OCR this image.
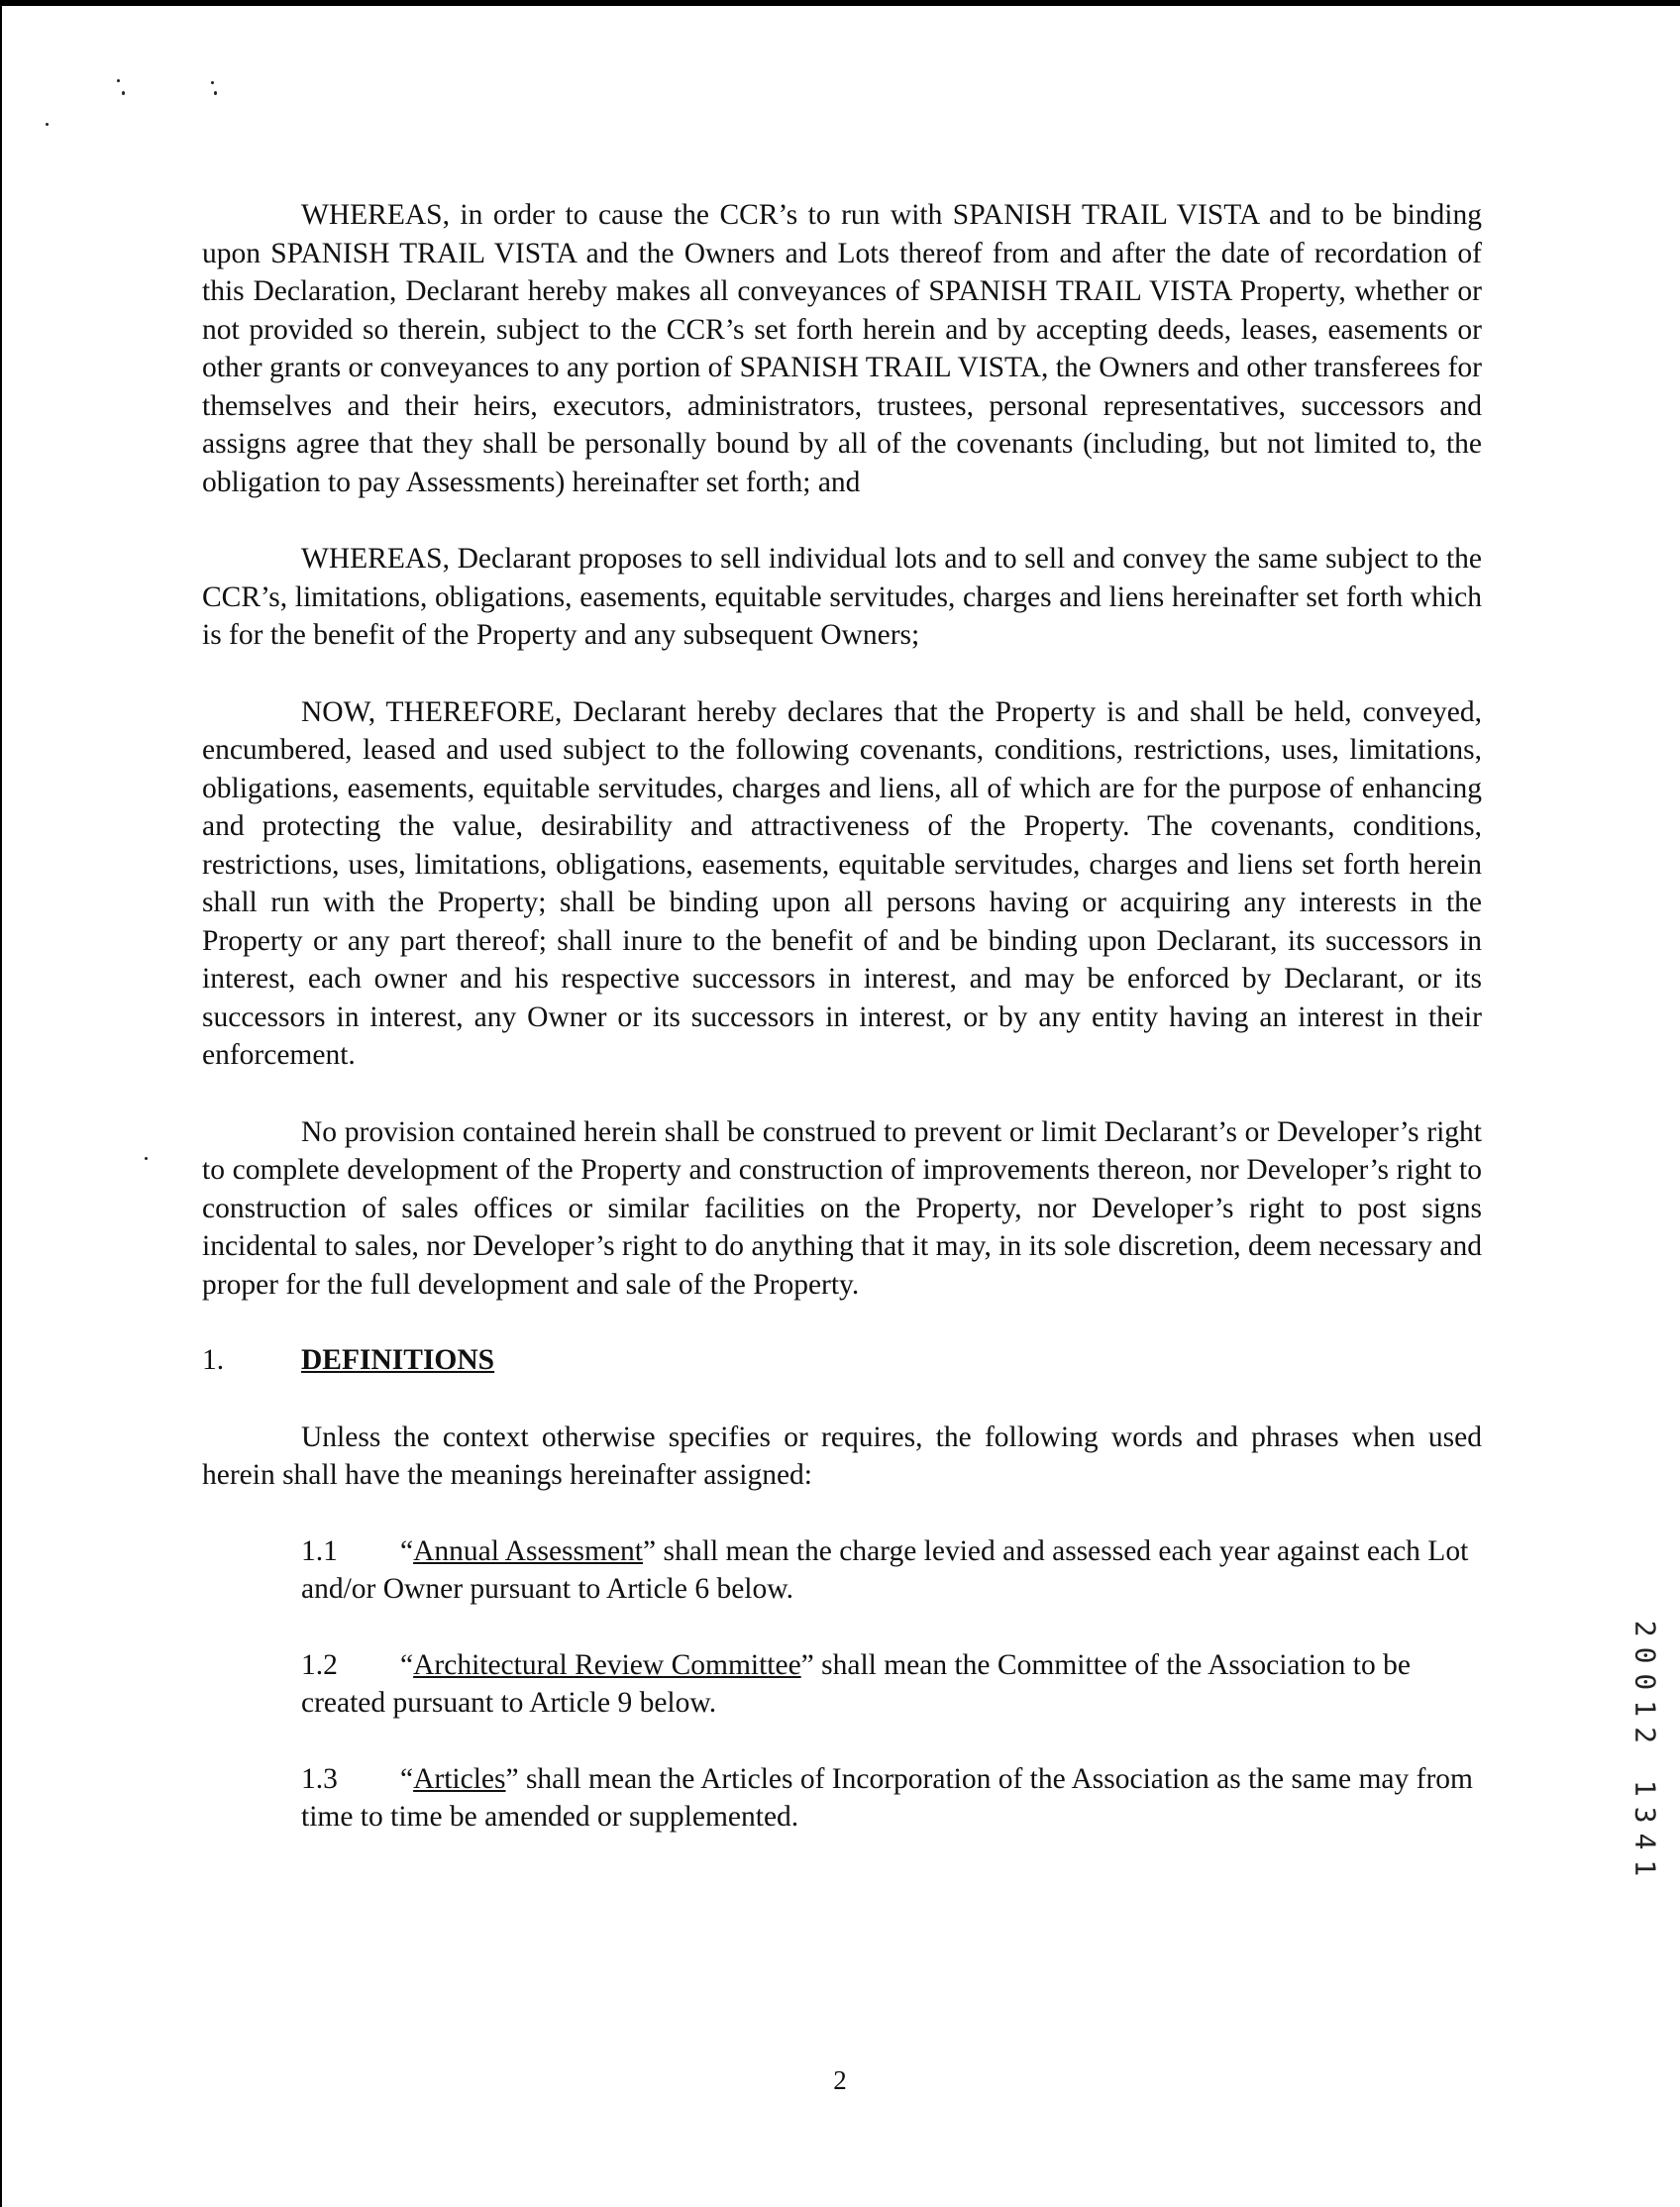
WHEREAS, in order to cause the CCR’s to run with SPANISH TRAIL VISTA and to be binding upon SPANISH TRAIL VISTA and the Owners and Lots thereof from and after the date of recordation of this Declaration, Declarant hereby makes all conveyances of SPANISH TRAIL VISTA Property, whether or not provided so therein, subject to the CCR’s set forth herein and by accepting deeds, leases, easements or other grants or conveyances to any portion of SPANISH TRAIL VISTA, the Owners and other transferees for themselves and their heirs, executors, administrators, trustees, personal representatives, successors and assigns agree that they shall be personally bound by all of the covenants (including, but not limited to, the obligation to pay Assessments) hereinafter set forth; and

WHEREAS, Declarant proposes to sell individual lots and to sell and convey the same subject to the CCR’s, limitations, obligations, easements, equitable servitudes, charges and liens hereinafter set forth which is for the benefit of the Property and any subsequent Owners;

NOW, THEREFORE, Declarant hereby declares that the Property is and shall be held, conveyed, encumbered, leased and used subject to the following covenants, conditions, restrictions, uses, limitations, obligations, easements, equitable servitudes, charges and liens, all of which are for the purpose of enhancing and protecting the value, desirability and attractiveness of the Property. The covenants, conditions, restrictions, uses, limitations, obligations, easements, equitable servitudes, charges and liens set forth herein shall run with the Property; shall be binding upon all persons having or acquiring any interests in the Property or any part thereof; shall inure to the benefit of and be binding upon Declarant, its successors in interest, each owner and his respective successors in interest, and may be enforced by Declarant, or its successors in interest, any Owner or its successors in interest, or by any entity having an interest in their enforcement.

No provision contained herein shall be construed to prevent or limit Declarant’s or Developer’s right to complete development of the Property and construction of improvements thereon, nor Developer’s right to construction of sales offices or similar facilities on the Property, nor Developer’s right to post signs incidental to sales, nor Developer’s right to do anything that it may, in its sole discretion, deem necessary and proper for the full development and sale of the Property.

1.	DEFINITIONS

Unless the context otherwise specifies or requires, the following words and phrases when used herein shall have the meanings hereinafter assigned:

1.1 “Annual Assessment” shall mean the charge levied and assessed each year against each Lot and/or Owner pursuant to Article 6 below.

1.2 “Architectural Review Committee” shall mean the Committee of the Association to be created pursuant to Article 9 below.

1.3 “Articles” shall mean the Articles of Incorporation of the Association as the same may from time to time be amended or supplemented.	20012 1341
2
